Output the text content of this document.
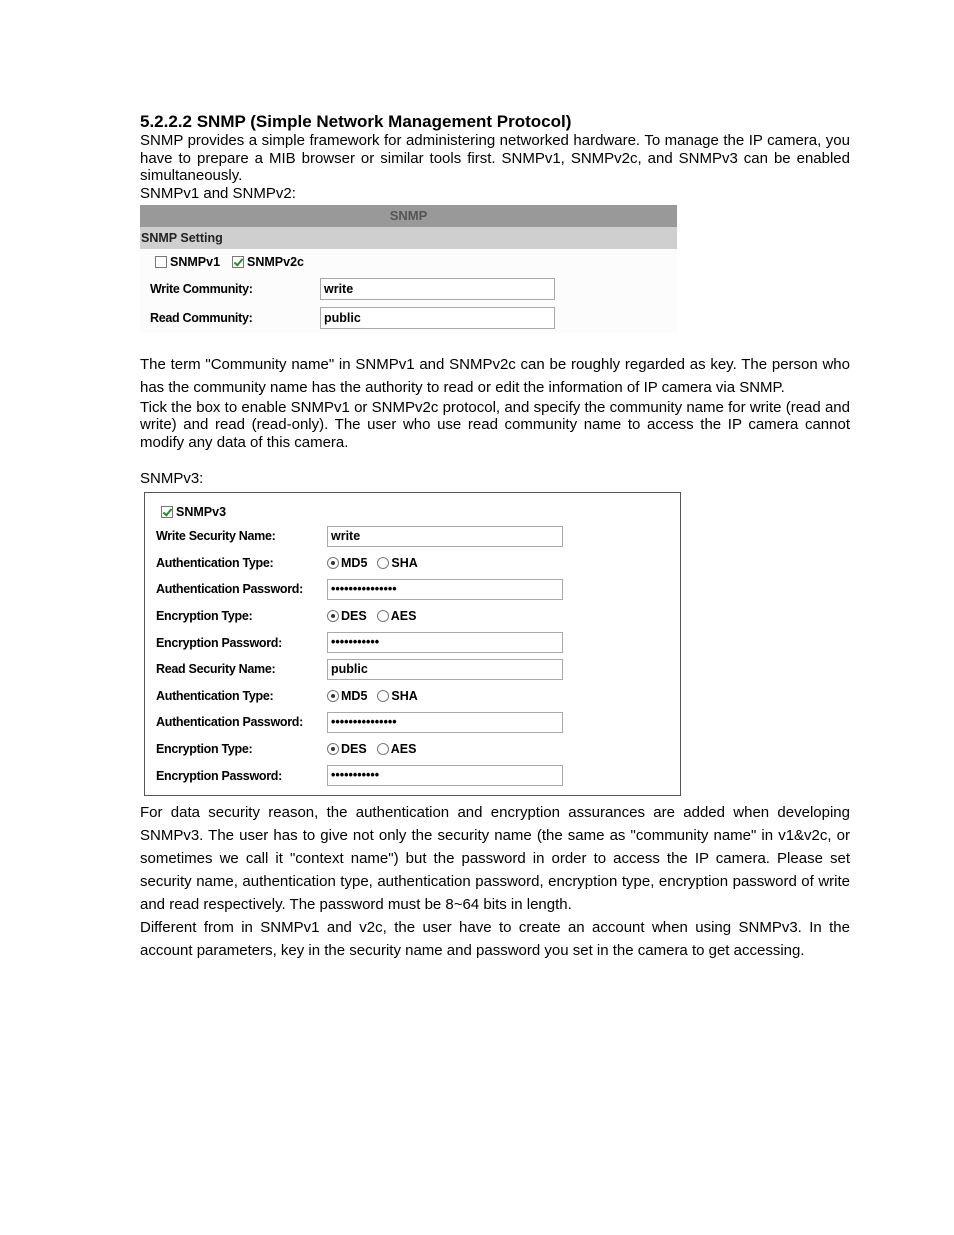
5.2.2.2 SNMP (Simple Network Management Protocol)

SNMP provides a simple framework for administering networked hardware. To manage the IP camera, you have to prepare a MIB browser or similar tools first. SNMPv1, SNMPv2c, and SNMPv3 can be enabled simultaneously.

SNMPv1 and SNMPv2:

SNMP
SNMP Setting
SNMPv1 SNMPv2c
Write Community:	write
Read Community:	public

The term "Community name" in SNMPv1 and SNMPv2c can be roughly regarded as key. The person who has the community name has the authority to read or edit the information of IP camera via SNMP.

Tick the box to enable SNMPv1 or SNMPv2c protocol, and specify the community name for write (read and write) and read (read-only). The user who use read community name to access the IP camera cannot modify any data of this camera.

SNMPv3:

SNMPv3
Write Security Name:	write
Authentication Type:	MD5 SHA
Authentication Password:	•••••••••••••••
Encryption Type:	DES AES
Encryption Password:	•••••••••••
Read Security Name:	public
Authentication Type:	MD5 SHA
Authentication Password:	•••••••••••••••
Encryption Type:	DES AES
Encryption Password:	•••••••••••

For data security reason, the authentication and encryption assurances are added when developing SNMPv3. The user has to give not only the security name (the same as "community name" in v1&v2c, or sometimes we call it "context name") but the password in order to access the IP camera. Please set security name, authentication type, authentication password, encryption type, encryption password of write and read respectively. The password must be 8~64 bits in length.

Different from in SNMPv1 and v2c, the user have to create an account when using SNMPv3. In the account parameters, key in the security name and password you set in the camera to get accessing.
